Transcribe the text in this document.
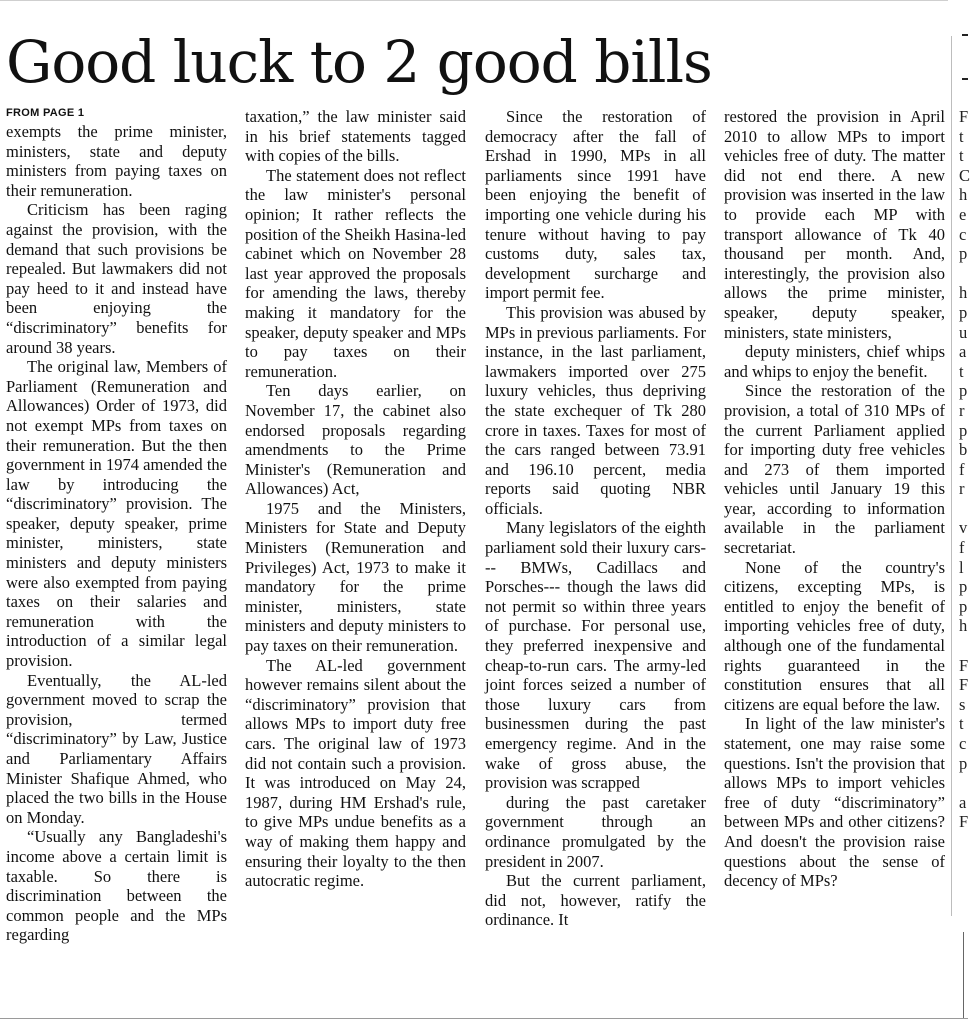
Good luck to 2 good bills
FROM PAGE 1

exempts the prime minister, ministers, state and deputy ministers from paying taxes on their remuneration.

Criticism has been raging against the provision, with the demand that such provisions be repealed. But lawmakers did not pay heed to it and instead have been enjoying the “discriminatory” benefits for around 38 years.

The original law, Members of Parliament (Remuneration and Allowances) Order of 1973, did not exempt MPs from taxes on their remuneration. But the then government in 1974 amended the law by introducing the “discriminatory” provision. The speaker, deputy speaker, prime minister, ministers, state ministers and deputy ministers were also exempted from paying taxes on their salaries and remuneration with the introduction of a similar legal provision.

Eventually, the AL-led government moved to scrap the provision, termed “discriminatory” by Law, Justice and Parliamentary Affairs Minister Shafique Ahmed, who placed the two bills in the House on Monday.

“Usually any Bangladeshi's income above a certain limit is taxable. So there is discrimination between the common people and the MPs regarding

taxation,” the law minister said in his brief statements tagged with copies of the bills.

The statement does not reflect the law minister's personal opinion; It rather reflects the position of the Sheikh Hasina-led cabinet which on November 28 last year approved the proposals for amending the laws, thereby making it mandatory for the speaker, deputy speaker and MPs to pay taxes on their remuneration.

Ten days earlier, on November 17, the cabinet also endorsed proposals regarding amendments to the Prime Minister's (Remuneration and Allowances) Act,

1975 and the Ministers, Ministers for State and Deputy Ministers (Remuneration and Privileges) Act, 1973 to make it mandatory for the prime minister, ministers, state ministers and deputy ministers to pay taxes on their remuneration.

The AL-led government however remains silent about the “discriminatory” provision that allows MPs to import duty free cars. The original law of 1973 did not contain such a provision. It was introduced on May 24, 1987, during HM Ershad's rule, to give MPs undue benefits as a way of making them happy and ensuring their loyalty to the then autocratic regime.

Since the restoration of democracy after the fall of Ershad in 1990, MPs in all parliaments since 1991 have been enjoying the benefit of importing one vehicle during his tenure without having to pay customs duty, sales tax, development surcharge and import permit fee.

This provision was abused by MPs in previous parliaments. For instance, in the last parliament, lawmakers imported over 275 luxury vehicles, thus depriving the state exchequer of Tk 280 crore in taxes. Taxes for most of the cars ranged between 73.91 and 196.10 percent, media reports said quoting NBR officials.

Many legislators of the eighth parliament sold their luxury cars--- BMWs, Cadillacs and Porsches--- though the laws did not permit so within three years of purchase. For personal use, they preferred inexpensive and cheap-to-run cars. The army-led joint forces seized a number of those luxury cars from businessmen during the past emergency regime. And in the wake of gross abuse, the provision was scrapped

during the past caretaker government through an ordinance promulgated by the president in 2007.

But the current parliament, did not, however, ratify the ordinance. It

restored the provision in April 2010 to allow MPs to import vehicles free of duty. The matter did not end there. A new provision was inserted in the law to provide each MP with transport allowance of Tk 40 thousand per month. And, interestingly, the provision also allows the prime minister, speaker, deputy speaker, ministers, state ministers,

deputy ministers, chief whips and whips to enjoy the benefit.

Since the restoration of the provision, a total of 310 MPs of the current Parliament applied for importing duty free vehicles and 273 of them imported vehicles until January 19 this year, according to information available in the parliament secretariat.

None of the country's citizens, excepting MPs, is entitled to enjoy the benefit of importing vehicles free of duty, although one of the fundamental rights guaranteed in the constitution ensures that all citizens are equal before the law.

In light of the law minister's statement, one may raise some questions. Isn't the provision that allows MPs to import vehicles free of duty “discriminatory” between MPs and other citizens? And doesn't the provision raise questions about the sense of decency of MPs?

F
t
t
C
h
e
c
p
h
p
u
a
t
p
r
p
b
f
r
v
f
l
p
p
h
F
F
s
t
c
p
a
F
